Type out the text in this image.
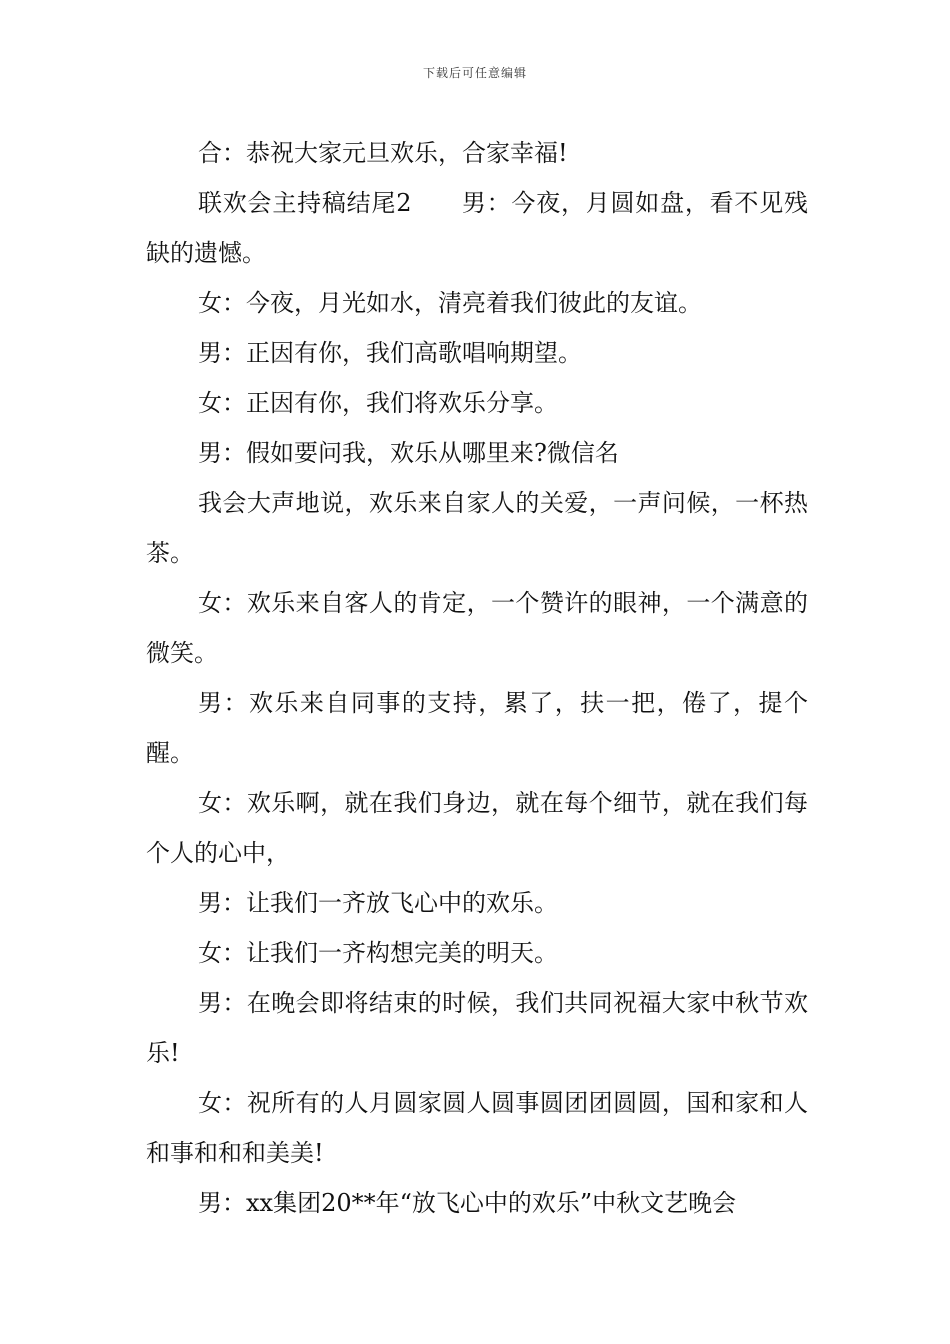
下载后可任意编辑

合：恭祝大家元旦欢乐，合家幸福!

联欢会主持稿结尾2　　男：今夜，月圆如盘，看不见残缺的遗憾。

女：今夜，月光如水，清亮着我们彼此的友谊。

男：正因有你，我们高歌唱响期望。

女：正因有你，我们将欢乐分享。

男：假如要问我，欢乐从哪里来?微信名

我会大声地说，欢乐来自家人的关爱，一声问候，一杯热茶。

女：欢乐来自客人的肯定，一个赞许的眼神，一个满意的微笑。

男：欢乐来自同事的支持，累了，扶一把，倦了，提个醒。

女：欢乐啊，就在我们身边，就在每个细节，就在我们每个人的心中，

男：让我们一齐放飞心中的欢乐。

女：让我们一齐构想完美的明天。

男：在晚会即将结束的时候，我们共同祝福大家中秋节欢乐!

女：祝所有的人月圆家圆人圆事圆团团圆圆，国和家和人和事和和和美美!

男：xx集团20**年“放飞心中的欢乐”中秋文艺晚会
